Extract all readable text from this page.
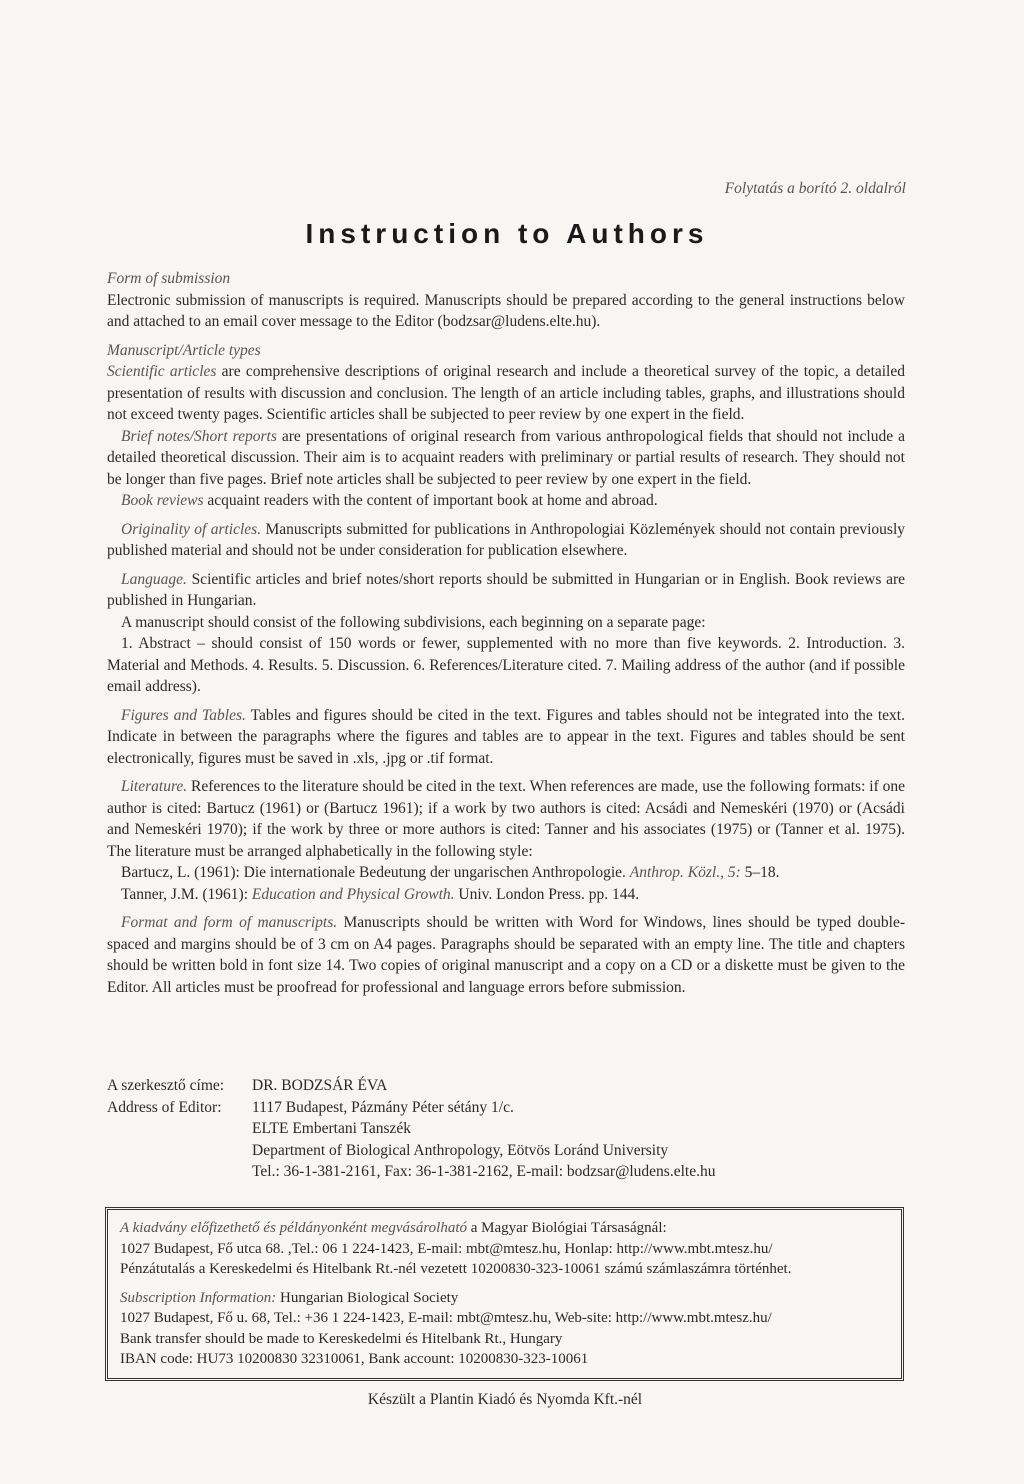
Folytatás a borító 2. oldalról
Instruction to Authors

Form of submission

Electronic submission of manuscripts is required. Manuscripts should be prepared according to the general instructions below and attached to an email cover message to the Editor (bodzsar@ludens.elte.hu).

Manuscript/Article types

Scientific articles are comprehensive descriptions of original research and include a theoretical survey of the topic, a detailed presentation of results with discussion and conclusion. The length of an article including tables, graphs, and illustrations should not exceed twenty pages. Scientific articles shall be subjected to peer review by one expert in the field.

Brief notes/Short reports are presentations of original research from various anthropological fields that should not include a detailed theoretical discussion. Their aim is to acquaint readers with preliminary or partial results of research. They should not be longer than five pages. Brief note articles shall be subjected to peer review by one expert in the field.

Book reviews acquaint readers with the content of important book at home and abroad.

Originality of articles. Manuscripts submitted for publications in Anthropologiai Közlemények should not contain previously published material and should not be under consideration for publication elsewhere.

Language. Scientific articles and brief notes/short reports should be submitted in Hungarian or in English. Book reviews are published in Hungarian.

A manuscript should consist of the following subdivisions, each beginning on a separate page:

1. Abstract – should consist of 150 words or fewer, supplemented with no more than five keywords. 2. Introduction. 3. Material and Methods. 4. Results. 5. Discussion. 6. References/Literature cited. 7. Mailing address of the author (and if possible email address).

Figures and Tables. Tables and figures should be cited in the text. Figures and tables should not be integrated into the text. Indicate in between the paragraphs where the figures and tables are to appear in the text. Figures and tables should be sent electronically, figures must be saved in .xls, .jpg or .tif format.

Literature. References to the literature should be cited in the text. When references are made, use the following formats: if one author is cited: Bartucz (1961) or (Bartucz 1961); if a work by two authors is cited: Acsádi and Nemeskéri (1970) or (Acsádi and Nemeskéri 1970); if the work by three or more authors is cited: Tanner and his associates (1975) or (Tanner et al. 1975). The literature must be arranged alphabetically in the following style:

Bartucz, L. (1961): Die internationale Bedeutung der ungarischen Anthropologie. Anthrop. Közl., 5: 5–18.

Tanner, J.M. (1961): Education and Physical Growth. Univ. London Press. pp. 144.

Format and form of manuscripts. Manuscripts should be written with Word for Windows, lines should be typed double-spaced and margins should be of 3 cm on A4 pages. Paragraphs should be separated with an empty line. The title and chapters should be written bold in font size 14. Two copies of original manuscript and a copy on a CD or a diskette must be given to the Editor. All articles must be proofread for professional and language errors before submission.

A szerkesztő címe:	DR. BODZSÁR ÉVA
Address of Editor:	1117 Budapest, Pázmány Péter sétány 1/c.
ELTE Embertani Tanszék
Department of Biological Anthropology, Eötvös Loránd University
Tel.: 36-1-381-2161, Fax: 36-1-381-2162, E-mail: bodzsar@ludens.elte.hu

A kiadvány előfizethető és példányonként megvásárolható a Magyar Biológiai Társaságnál:

1027 Budapest, Fő utca 68. ,Tel.: 06 1 224-1423, E-mail: mbt@mtesz.hu, Honlap: http://www.mbt.mtesz.hu/

Pénzátutalás a Kereskedelmi és Hitelbank Rt.-nél vezetett 10200830-323-10061 számú számlaszámra történhet.

Subscription Information: Hungarian Biological Society

1027 Budapest, Fő u. 68, Tel.: +36 1 224-1423, E-mail: mbt@mtesz.hu, Web-site: http://www.mbt.mtesz.hu/

Bank transfer should be made to Kereskedelmi és Hitelbank Rt., Hungary

IBAN code: HU73 10200830 32310061, Bank account: 10200830-323-10061

Készült a Plantin Kiadó és Nyomda Kft.-nél
